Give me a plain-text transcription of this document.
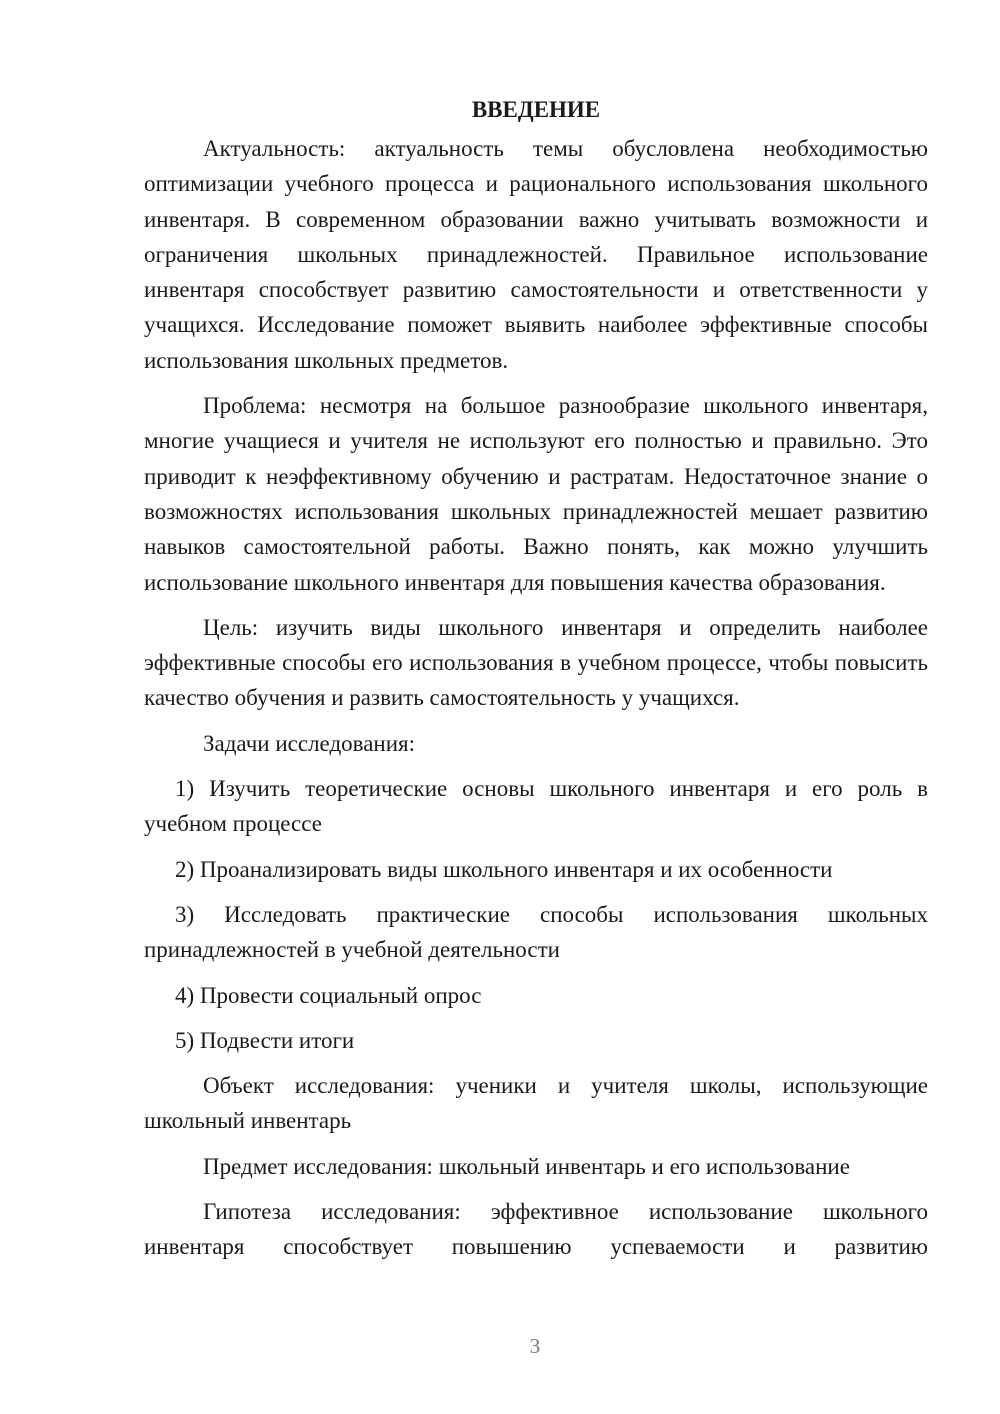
ВВЕДЕНИЕ

Актуальность: актуальность темы обусловлена необходимостью оптимизации учебного процесса и рационального использования школьного инвентаря. В современном образовании важно учитывать возможности и ограничения школьных принадлежностей. Правильное использование инвентаря способствует развитию самостоятельности и ответственности у учащихся. Исследование поможет выявить наиболее эффективные способы использования школьных предметов.

Проблема: несмотря на большое разнообразие школьного инвентаря, многие учащиеся и учителя не используют его полностью и правильно. Это приводит к неэффективному обучению и растратам. Недостаточное знание о возможностях использования школьных принадлежностей мешает развитию навыков самостоятельной работы. Важно понять, как можно улучшить использование школьного инвентаря для повышения качества образования.

Цель: изучить виды школьного инвентаря и определить наиболее эффективные способы его использования в учебном процессе, чтобы повысить качество обучения и развить самостоятельность у учащихся.

Задачи исследования:

1) Изучить теоретические основы школьного инвентаря и его роль в учебном процессе

2) Проанализировать виды школьного инвентаря и их особенности

3) Исследовать практические способы использования школьных принадлежностей в учебной деятельности

4) Провести социальный опрос

5) Подвести итоги

Объект исследования: ученики и учителя школы, использующие школьный инвентарь

Предмет исследования: школьный инвентарь и его использование

Гипотеза исследования: эффективное использование школьного инвентаря способствует повышению успеваемости и развитию

3
